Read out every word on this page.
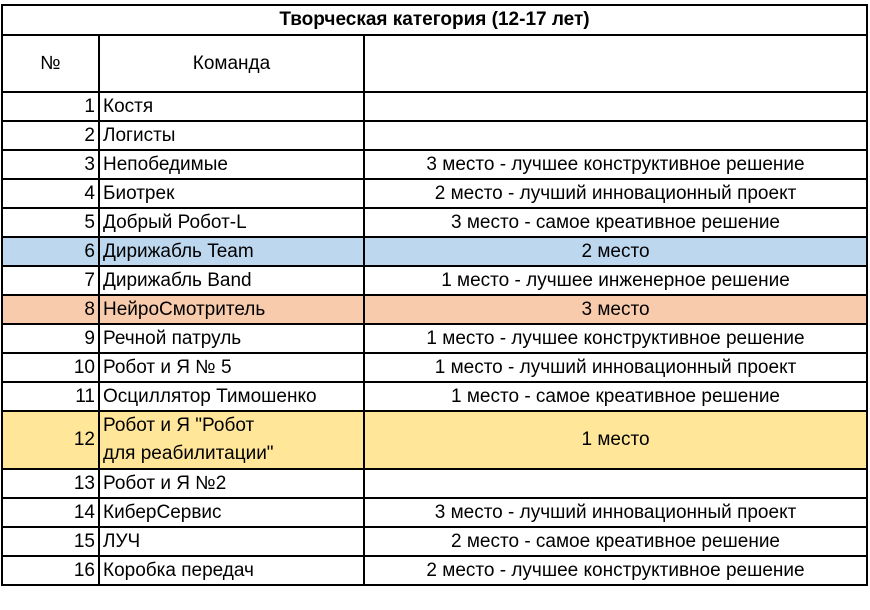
Творческая категория (12-17 лет)		
№	Команда	
1	Костя	
2	Логисты	
3	Непобедимые	3 место - лучшее конструктивное решение
4	Биотрек	2 место - лучший инновационный проект
5	Добрый Робот-L	3 место - самое креативное решение
6	Дирижабль Team	2 место
7	Дирижабль Band	1 место - лучшее инженерное решение
8	НейроСмотритель	3 место
9	Речной патруль	1 место - лучшее конструктивное решение
10	Робот и Я № 5	1 место - лучший инновационный проект
11	Осциллятор Тимошенко	1 место - самое креативное решение
12	Робот и Я "Робот
для реабилитации"	1 место
13	Робот и Я №2	
14	КиберСервис	3 место - лучший инновационный проект
15	ЛУЧ	2 место - самое креативное решение
16	Коробка передач	2 место - лучшее конструктивное решение
